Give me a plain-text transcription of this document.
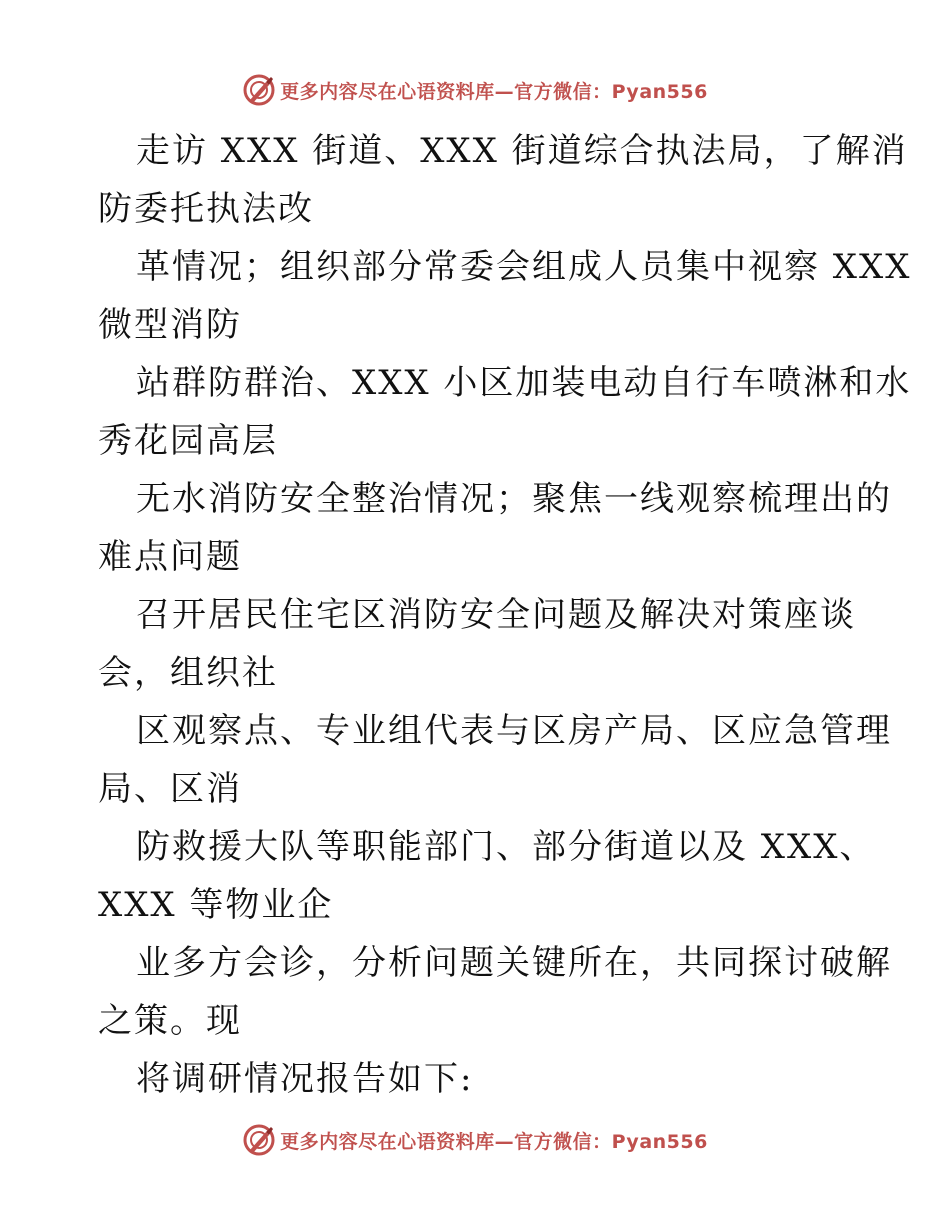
更多内容尽在心语资料库—官方微信：Pyan556
走访 XXX 街道、XXX 街道综合执法局，了解消
防委托执法改
革情况；组织部分常委会组成人员集中视察 XXX
微型消防
站群防群治、XXX 小区加装电动自行车喷淋和水
秀花园高层
无水消防安全整治情况；聚焦一线观察梳理出的
难点问题
召开居民住宅区消防安全问题及解决对策座谈
会，组织社
区观察点、专业组代表与区房产局、区应急管理
局、区消
防救援大队等职能部门、部分街道以及 XXX、
XXX 等物业企
业多方会诊，分析问题关键所在，共同探讨破解
之策。现
将调研情况报告如下:
更多内容尽在心语资料库—官方微信：Pyan556
